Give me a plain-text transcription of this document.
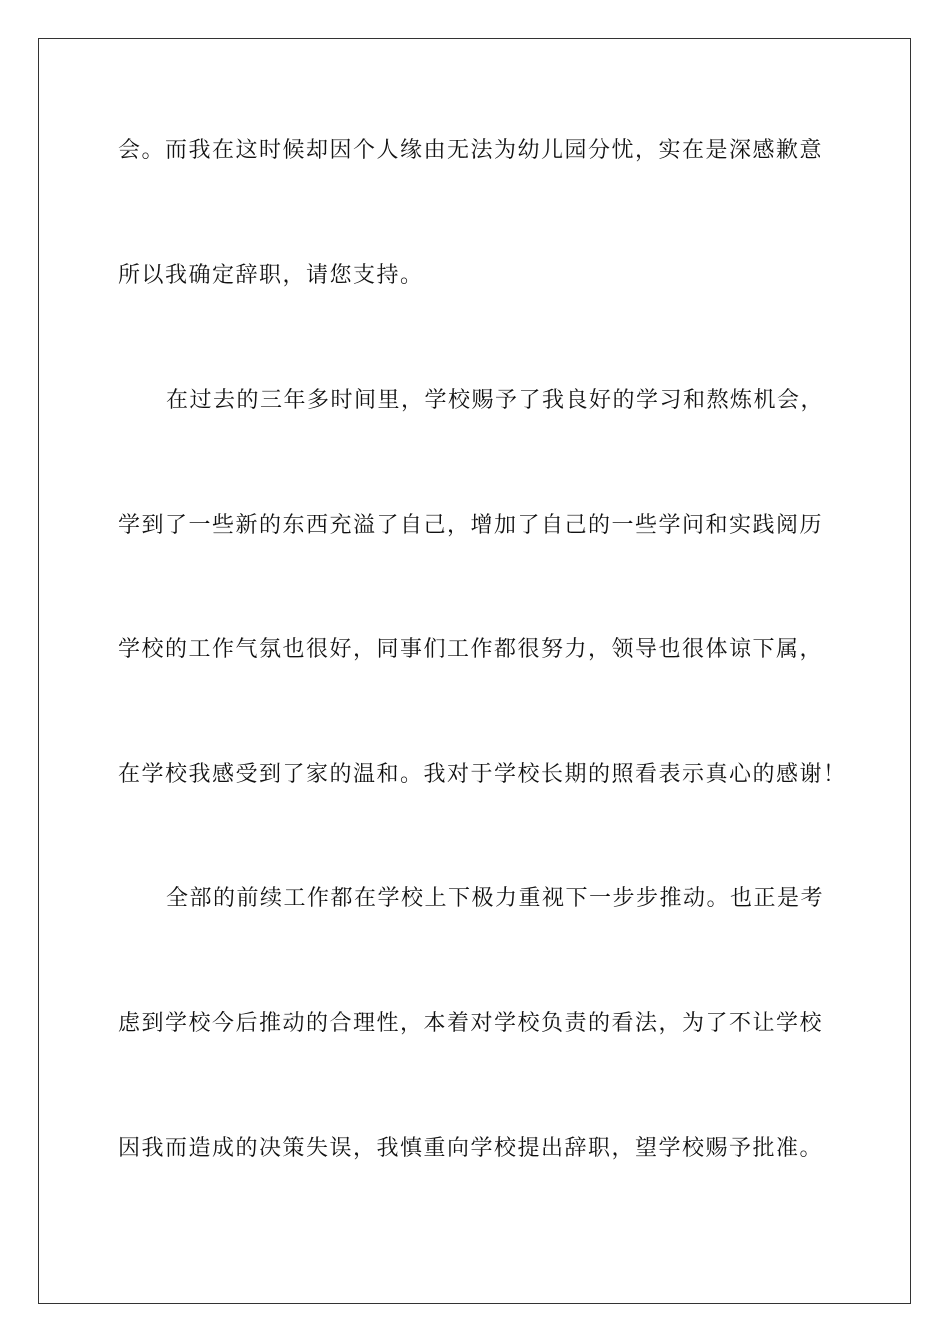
会。而我在这时候却因个人缘由无法为幼儿园分忧，实在是深感歉意

所以我确定辞职，请您支持。

在过去的三年多时间里，学校赐予了我良好的学习和熬炼机会，

学到了一些新的东西充溢了自己，增加了自己的一些学问和实践阅历

学校的工作气氛也很好，同事们工作都很努力，领导也很体谅下属，

在学校我感受到了家的温和。我对于学校长期的照看表示真心的感谢！

全部的前续工作都在学校上下极力重视下一步步推动。也正是考

虑到学校今后推动的合理性，本着对学校负责的看法，为了不让学校

因我而造成的决策失误，我慎重向学校提出辞职，望学校赐予批准。
